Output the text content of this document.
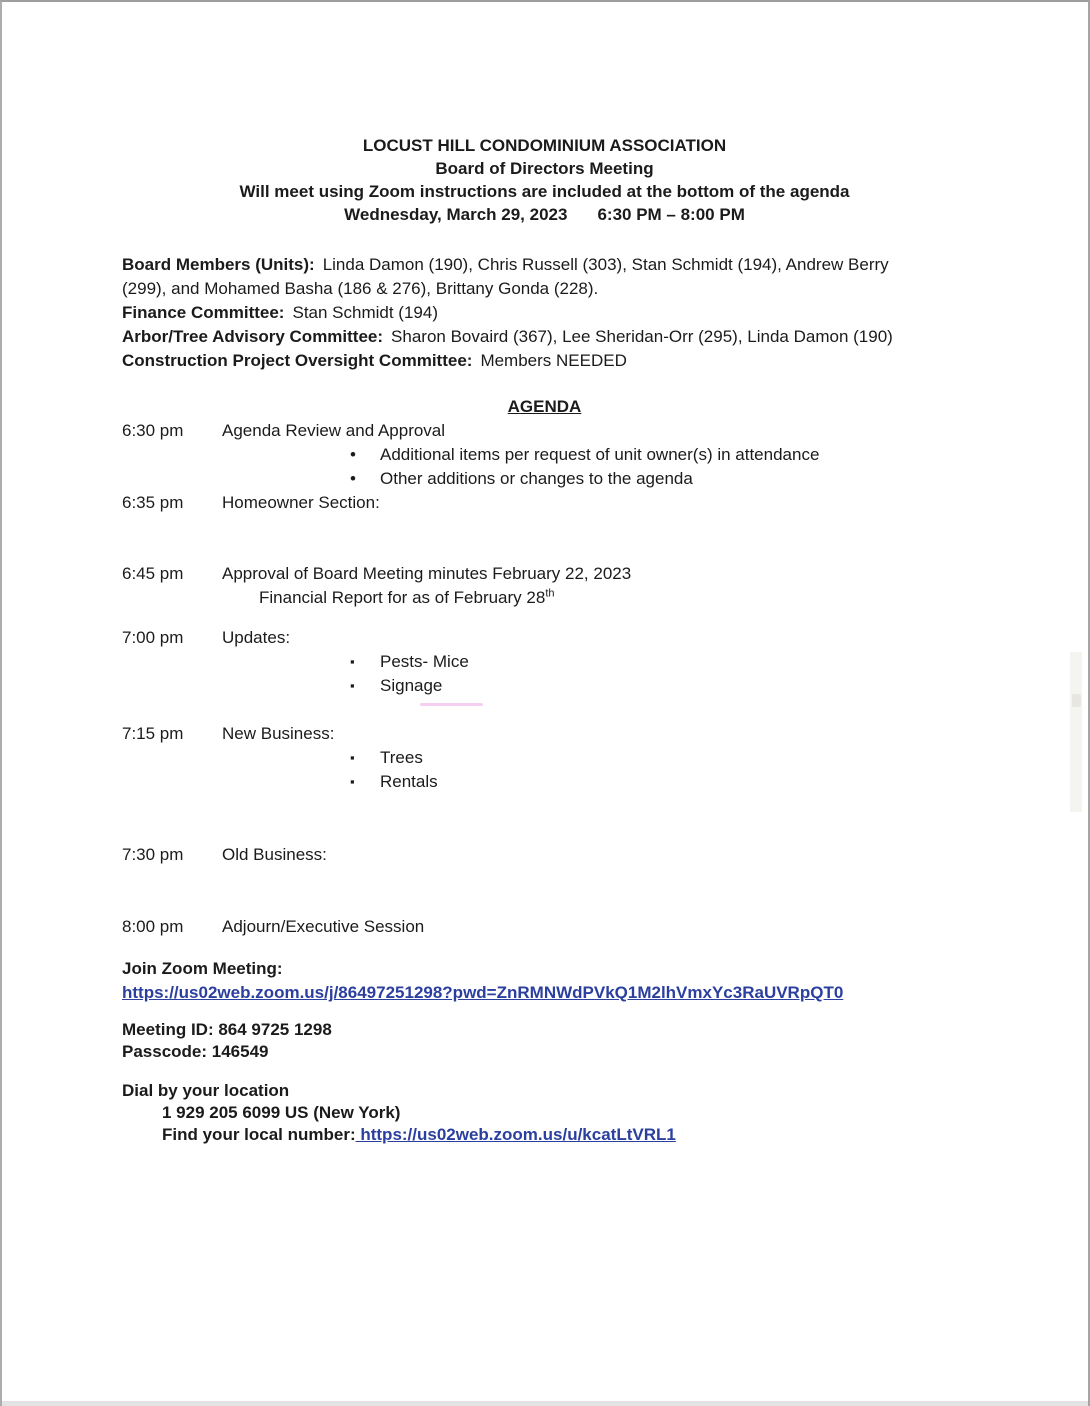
LOCUST HILL CONDOMINIUM ASSOCIATION
Board of Directors Meeting
Will meet using Zoom instructions are included at the bottom of the agenda
Wednesday, March 29, 2023 6:30 PM – 8:00 PM
Board Members (Units): Linda Damon (190), Chris Russell (303), Stan Schmidt (194), Andrew Berry
(299), and Mohamed Basha (186 & 276), Brittany Gonda (228).
Finance Committee: Stan Schmidt (194)
Arbor/Tree Advisory Committee: Sharon Bovaird (367), Lee Sheridan-Orr (295), Linda Damon (190)
Construction Project Oversight Committee: Members NEEDED
AGENDA
6:30 pm	Agenda Review and Approval
•	Additional items per request of unit owner(s) in attendance
•	Other additions or changes to the agenda
6:35 pm	Homeowner Section:
6:45 pm	Approval of Board Meeting minutes February 22, 2023
Financial Report for as of February 28th
7:00 pm	Updates:
▪	Pests- Mice
▪	Signage
7:15 pm	New Business:
▪	Trees
▪	Rentals
7:30 pm	Old Business:
8:00 pm	Adjourn/Executive Session
Join Zoom Meeting:
https://us02web.zoom.us/j/86497251298?pwd=ZnRMNWdPVkQ1M2lhVmxYc3RaUVRpQT0
Meeting ID: 864 9725 1298
Passcode: 146549
Dial by your location
1 929 205 6099 US (New York)
Find your local number: https://us02web.zoom.us/u/kcatLtVRL1
